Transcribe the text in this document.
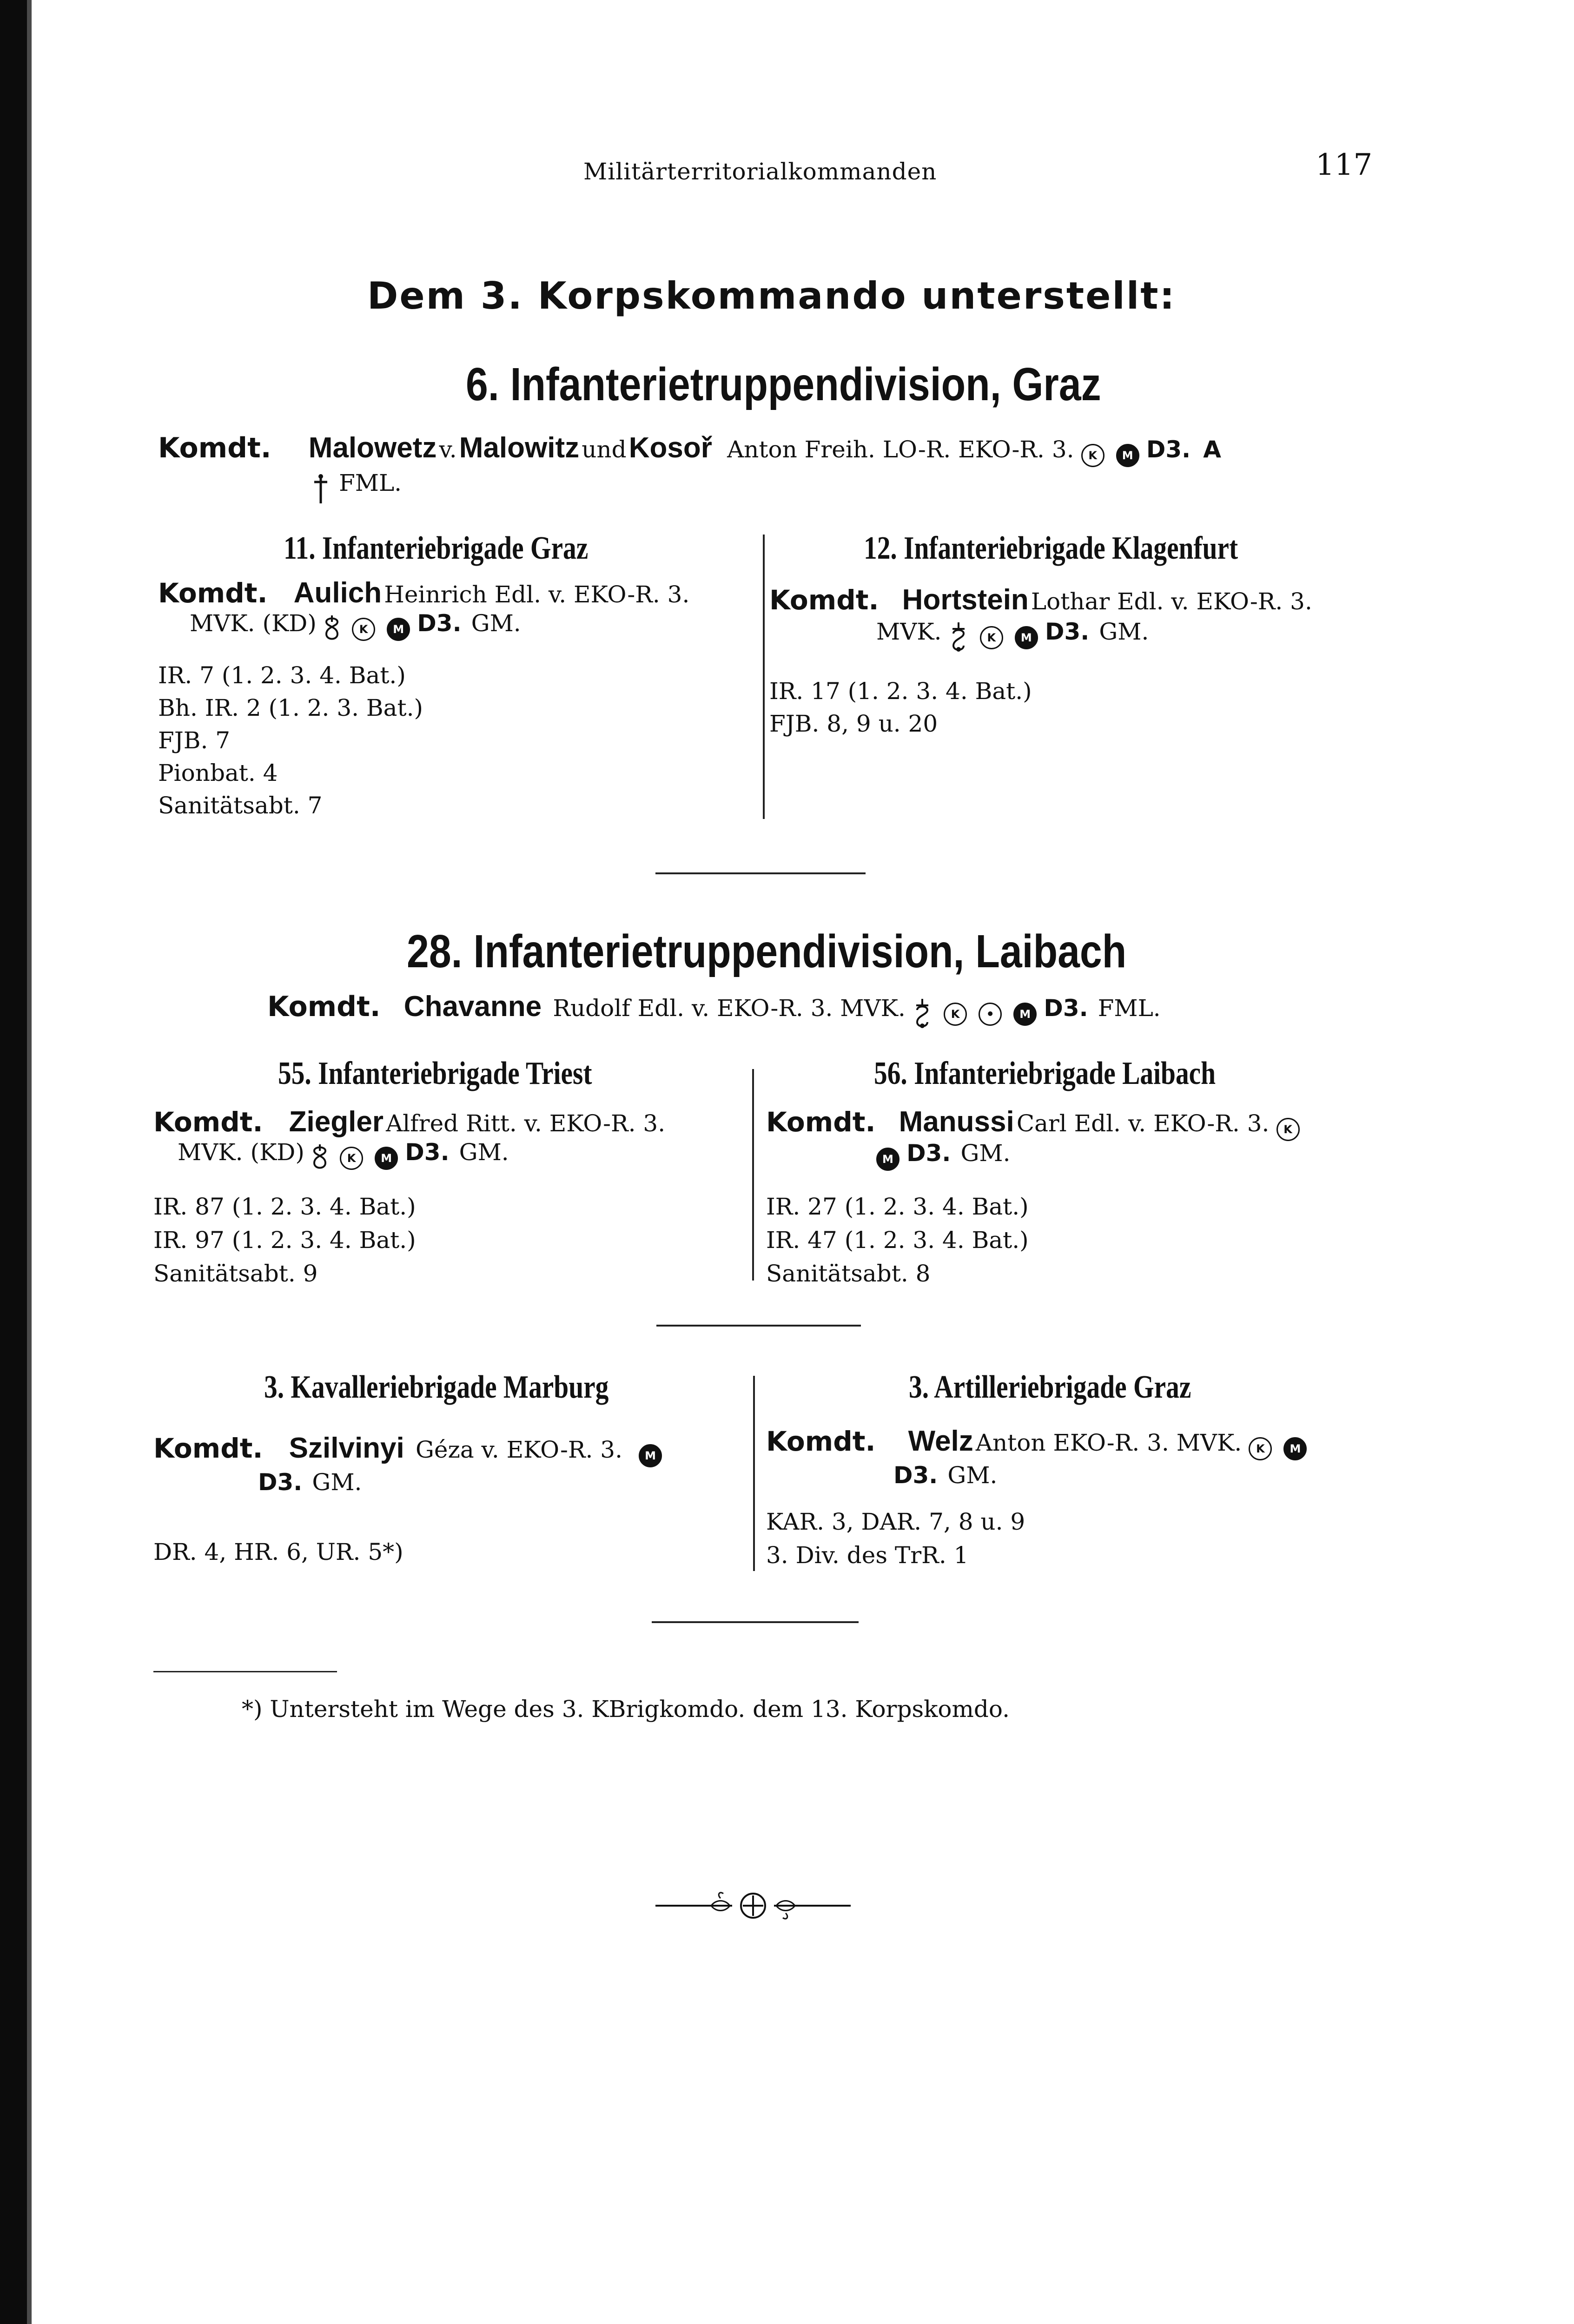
Militärterritorialkommanden	117
Dem 3. Korpskommando unterstellt:
6. Infanterietruppendivision, Graz
Komdt. Malowetz v. Malowitz und Kosoř Anton Freih. LO-R. EKO-R. 3. K M D3. A
FML.
11. Infanteriebrigade Graz
Komdt. Aulich Heinrich Edl. v. EKO-R. 3.
MVK. (KD)	K M D3. GM.
IR. 7 (1. 2. 3. 4. Bat.)
Bh. IR. 2 (1. 2. 3. Bat.)
FJB. 7
Pionbat. 4
Sanitätsabt. 7
12. Infanteriebrigade Klagenfurt
Komdt. Hortstein Lothar Edl. v. EKO-R. 3.
MVK.	K M D3. GM.
IR. 17 (1. 2. 3. 4. Bat.)
FJB. 8, 9 u. 20
28. Infanterietruppendivision, Laibach
Komdt. Chavanne Rudolf Edl. v. EKO-R. 3. MVK.	K • M D3. FML.
55. Infanteriebrigade Triest
Komdt. Ziegler Alfred Ritt. v. EKO-R. 3.
MVK. (KD)	K M D3. GM.
IR. 87 (1. 2. 3. 4. Bat.)
IR. 97 (1. 2. 3. 4. Bat.)
Sanitätsabt. 9
56. Infanteriebrigade Laibach
Komdt. Manussi Carl Edl. v. EKO-R. 3. K
M D3. GM.
IR. 27 (1. 2. 3. 4. Bat.)
IR. 47 (1. 2. 3. 4. Bat.)
Sanitätsabt. 8
3. Kavalleriebrigade Marburg
Komdt. Szilvinyi Géza v. EKO-R. 3. M
D3. GM.
DR. 4, HR. 6, UR. 5*)
3. Artilleriebrigade Graz
Komdt. Welz Anton EKO-R. 3. MVK. K M
D3. GM.
KAR. 3, DAR. 7, 8 u. 9
3. Div. des TrR. 1
*) Untersteht im Wege des 3. KBrigkomdo. dem 13. Korpskomdo.
